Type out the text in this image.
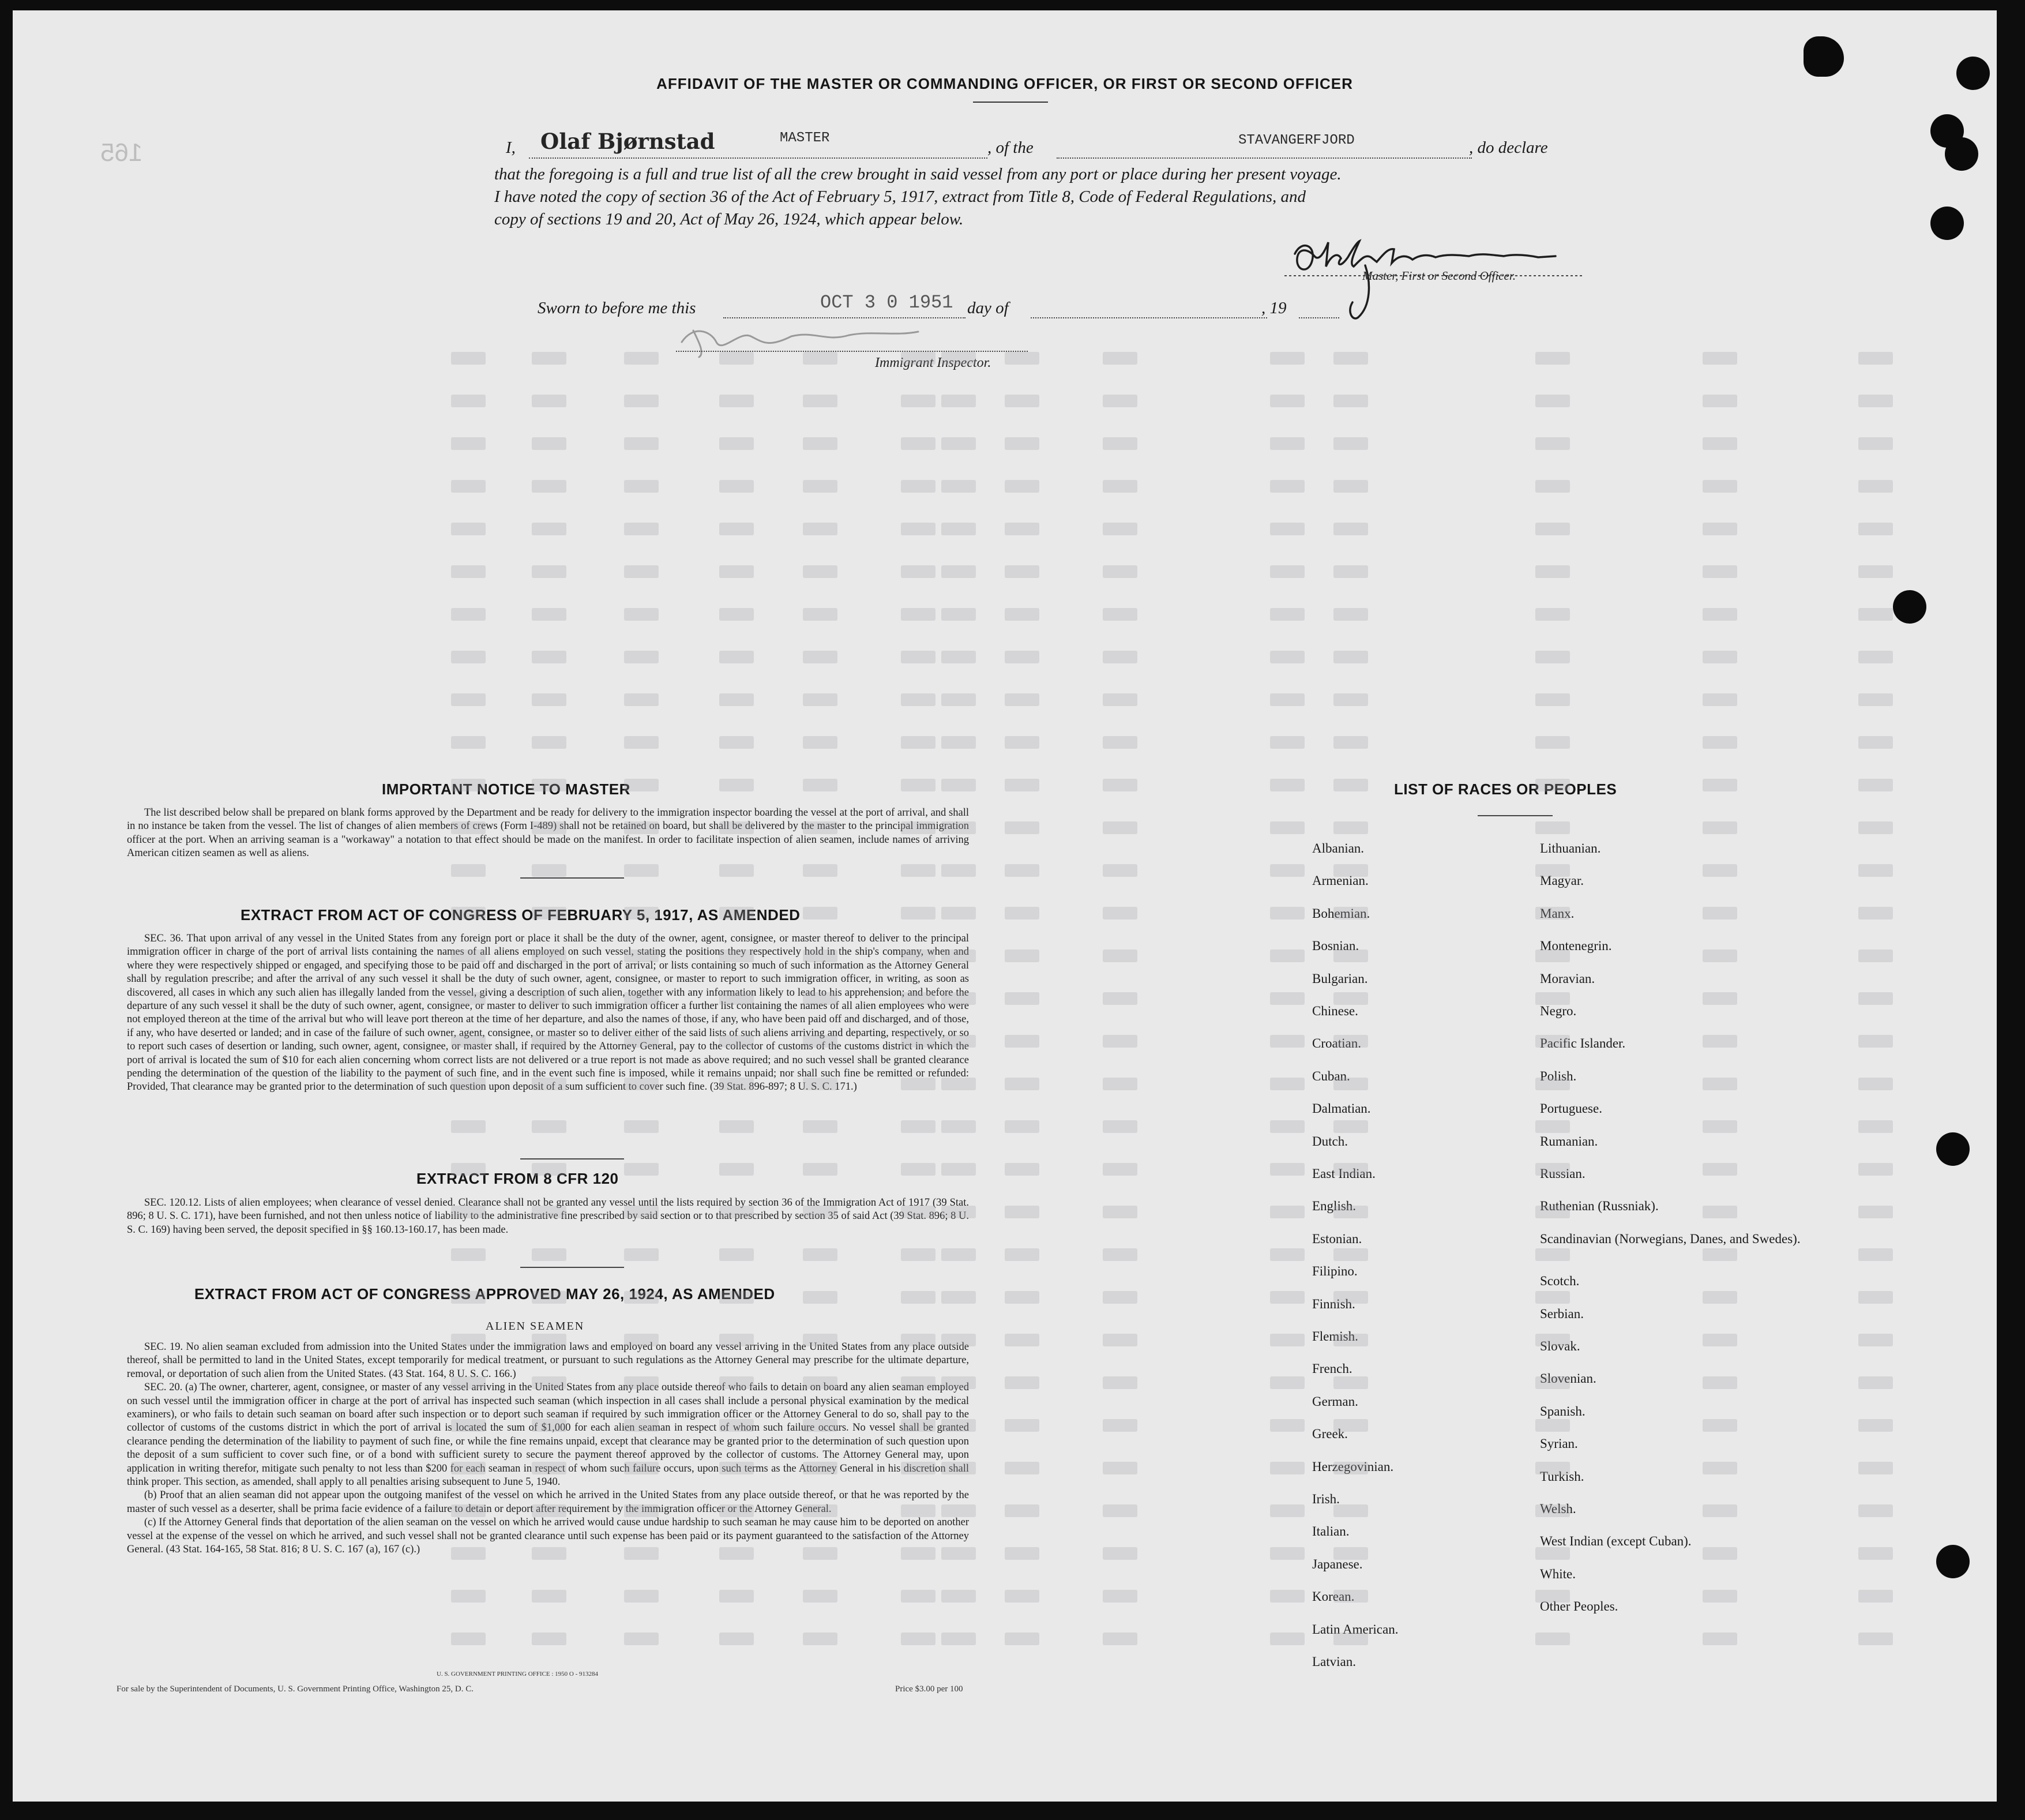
165
AFFIDAVIT OF THE MASTER OR COMMANDING OFFICER, OR FIRST OR SECOND OFFICER
I, Olaf Bjørnstad	MASTER
, of the	STAVANGERFJORD	, do declare
that the foregoing is a full and true list of all the crew brought in said vessel from any port or place during her present voyage.
I have noted the copy of section 36 of the Act of February 5, 1917, extract from Title 8, Code of Federal Regulations, and
copy of sections 19 and 20, Act of May 26, 1924, which appear below.
Master, First or Second Officer.
Sworn to before me this	OCT 3 0 1951 day of	, 19
Immigrant Inspector.
IMPORTANT NOTICE TO MASTER

The list described below shall be prepared on blank forms approved by the Department and be ready for delivery to the immigration inspector boarding the vessel at the port of arrival, and shall in no instance be taken from the vessel. The list of changes of alien members of crews (Form I-489) shall not be retained on board, but shall be delivered by the master to the principal immigration officer at the port. When an arriving seaman is a "workaway" a notation to that effect should be made on the manifest. In order to facilitate inspection of alien seamen, include names of arriving American citizen seamen as well as aliens.

EXTRACT FROM ACT OF CONGRESS OF FEBRUARY 5, 1917, AS AMENDED

SEC. 36. That upon arrival of any vessel in the United States from any foreign port or place it shall be the duty of the owner, agent, consignee, or master thereof to deliver to the principal immigration officer in charge of the port of arrival lists containing the names of all aliens employed on such vessel, stating the positions they respectively hold in the ship's company, when and where they were respectively shipped or engaged, and specifying those to be paid off and discharged in the port of arrival; or lists containing so much of such information as the Attorney General shall by regulation prescribe; and after the arrival of any such vessel it shall be the duty of such owner, agent, consignee, or master to report to such immigration officer, in writing, as soon as discovered, all cases in which any such alien has illegally landed from the vessel, giving a description of such alien, together with any information likely to lead to his apprehension; and before the departure of any such vessel it shall be the duty of such owner, agent, consignee, or master to deliver to such immigration officer a further list containing the names of all alien employees who were not employed thereon at the time of the arrival but who will leave port thereon at the time of her departure, and also the names of those, if any, who have been paid off and discharged, and of those, if any, who have deserted or landed; and in case of the failure of such owner, agent, consignee, or master so to deliver either of the said lists of such aliens arriving and departing, respectively, or so to report such cases of desertion or landing, such owner, agent, consignee, or master shall, if required by the Attorney General, pay to the collector of customs of the customs district in which the port of arrival is located the sum of $10 for each alien concerning whom correct lists are not delivered or a true report is not made as above required; and no such vessel shall be granted clearance pending the determination of the question of the liability to the payment of such fine, and in the event such fine is imposed, while it remains unpaid; nor shall such fine be remitted or refunded: Provided, That clearance may be granted prior to the determination of such question upon deposit of a sum sufficient to cover such fine. (39 Stat. 896-897; 8 U. S. C. 171.)

EXTRACT FROM 8 CFR 120

SEC. 120.12. Lists of alien employees; when clearance of vessel denied. Clearance shall not be granted any vessel until the lists required by section 36 of the Immigration Act of 1917 (39 Stat. 896; 8 U. S. C. 171), have been furnished, and not then unless notice of liability to the administrative fine prescribed by said section or to that prescribed by section 35 of said Act (39 Stat. 896; 8 U. S. C. 169) having been served, the deposit specified in §§ 160.13-160.17, has been made.

EXTRACT FROM ACT OF CONGRESS APPROVED MAY 26, 1924, AS AMENDED
ALIEN SEAMEN

SEC. 19. No alien seaman excluded from admission into the United States under the immigration laws and employed on board any vessel arriving in the United States from any place outside thereof, shall be permitted to land in the United States, except temporarily for medical treatment, or pursuant to such regulations as the Attorney General may prescribe for the ultimate departure, removal, or deportation of such alien from the United States. (43 Stat. 164, 8 U. S. C. 166.)

SEC. 20. (a) The owner, charterer, agent, consignee, or master of any vessel arriving in the United States from any place outside thereof who fails to detain on board any alien seaman employed on such vessel until the immigration officer in charge at the port of arrival has inspected such seaman (which inspection in all cases shall include a personal physical examination by the medical examiners), or who fails to detain such seaman on board after such inspection or to deport such seaman if required by such immigration officer or the Attorney General to do so, shall pay to the collector of customs of the customs district in which the port of arrival is located the sum of $1,000 for each alien seaman in respect of whom such failure occurs. No vessel shall be granted clearance pending the determination of the liability to payment of such fine, or while the fine remains unpaid, except that clearance may be granted prior to the determination of such question upon the deposit of a sum sufficient to cover such fine, or of a bond with sufficient surety to secure the payment thereof approved by the collector of customs. The Attorney General may, upon application in writing therefor, mitigate such penalty to not less than $200 for each seaman in respect of whom such failure occurs, upon such terms as the Attorney General in his discretion shall think proper. This section, as amended, shall apply to all penalties arising subsequent to June 5, 1940.

(b) Proof that an alien seaman did not appear upon the outgoing manifest of the vessel on which he arrived in the United States from any place outside thereof, or that he was reported by the master of such vessel as a deserter, shall be prima facie evidence of a failure to detain or deport after requirement by the immigration officer or the Attorney General.

(c) If the Attorney General finds that deportation of the alien seaman on the vessel on which he arrived would cause undue hardship to such seaman he may cause him to be deported on another vessel at the expense of the vessel on which he arrived, and such vessel shall not be granted clearance until such expense has been paid or its payment guaranteed to the satisfaction of the Attorney General. (43 Stat. 164-165, 58 Stat. 816; 8 U. S. C. 167 (a), 167 (c).)

U. S. GOVERNMENT PRINTING OFFICE : 1950 O - 913284
For sale by the Superintendent of Documents, U. S. Government Printing Office, Washington 25, D. C.	Price $3.00 per 100
LIST OF RACES OR PEOPLES
Albanian.
Armenian.
Bohemian.
Bosnian.
Bulgarian.
Chinese.
Croatian.
Cuban.
Dalmatian.
Dutch.
East Indian.
English.
Estonian.
Filipino.
Finnish.
Flemish.
French.
German.
Greek.
Herzegovinian.
Irish.
Italian.
Japanese.
Korean.
Latin American.
Latvian.
Lithuanian.
Magyar.
Manx.
Montenegrin.
Moravian.
Negro.
Pacific Islander.
Polish.
Portuguese.
Rumanian.
Russian.
Ruthenian (Russniak).
Scandinavian (Norwegians, Danes, and Swedes).
Scotch.
Serbian.
Slovak.
Slovenian.
Spanish.
Syrian.
Turkish.
Welsh.
West Indian (except Cuban).
White.
Other Peoples.
